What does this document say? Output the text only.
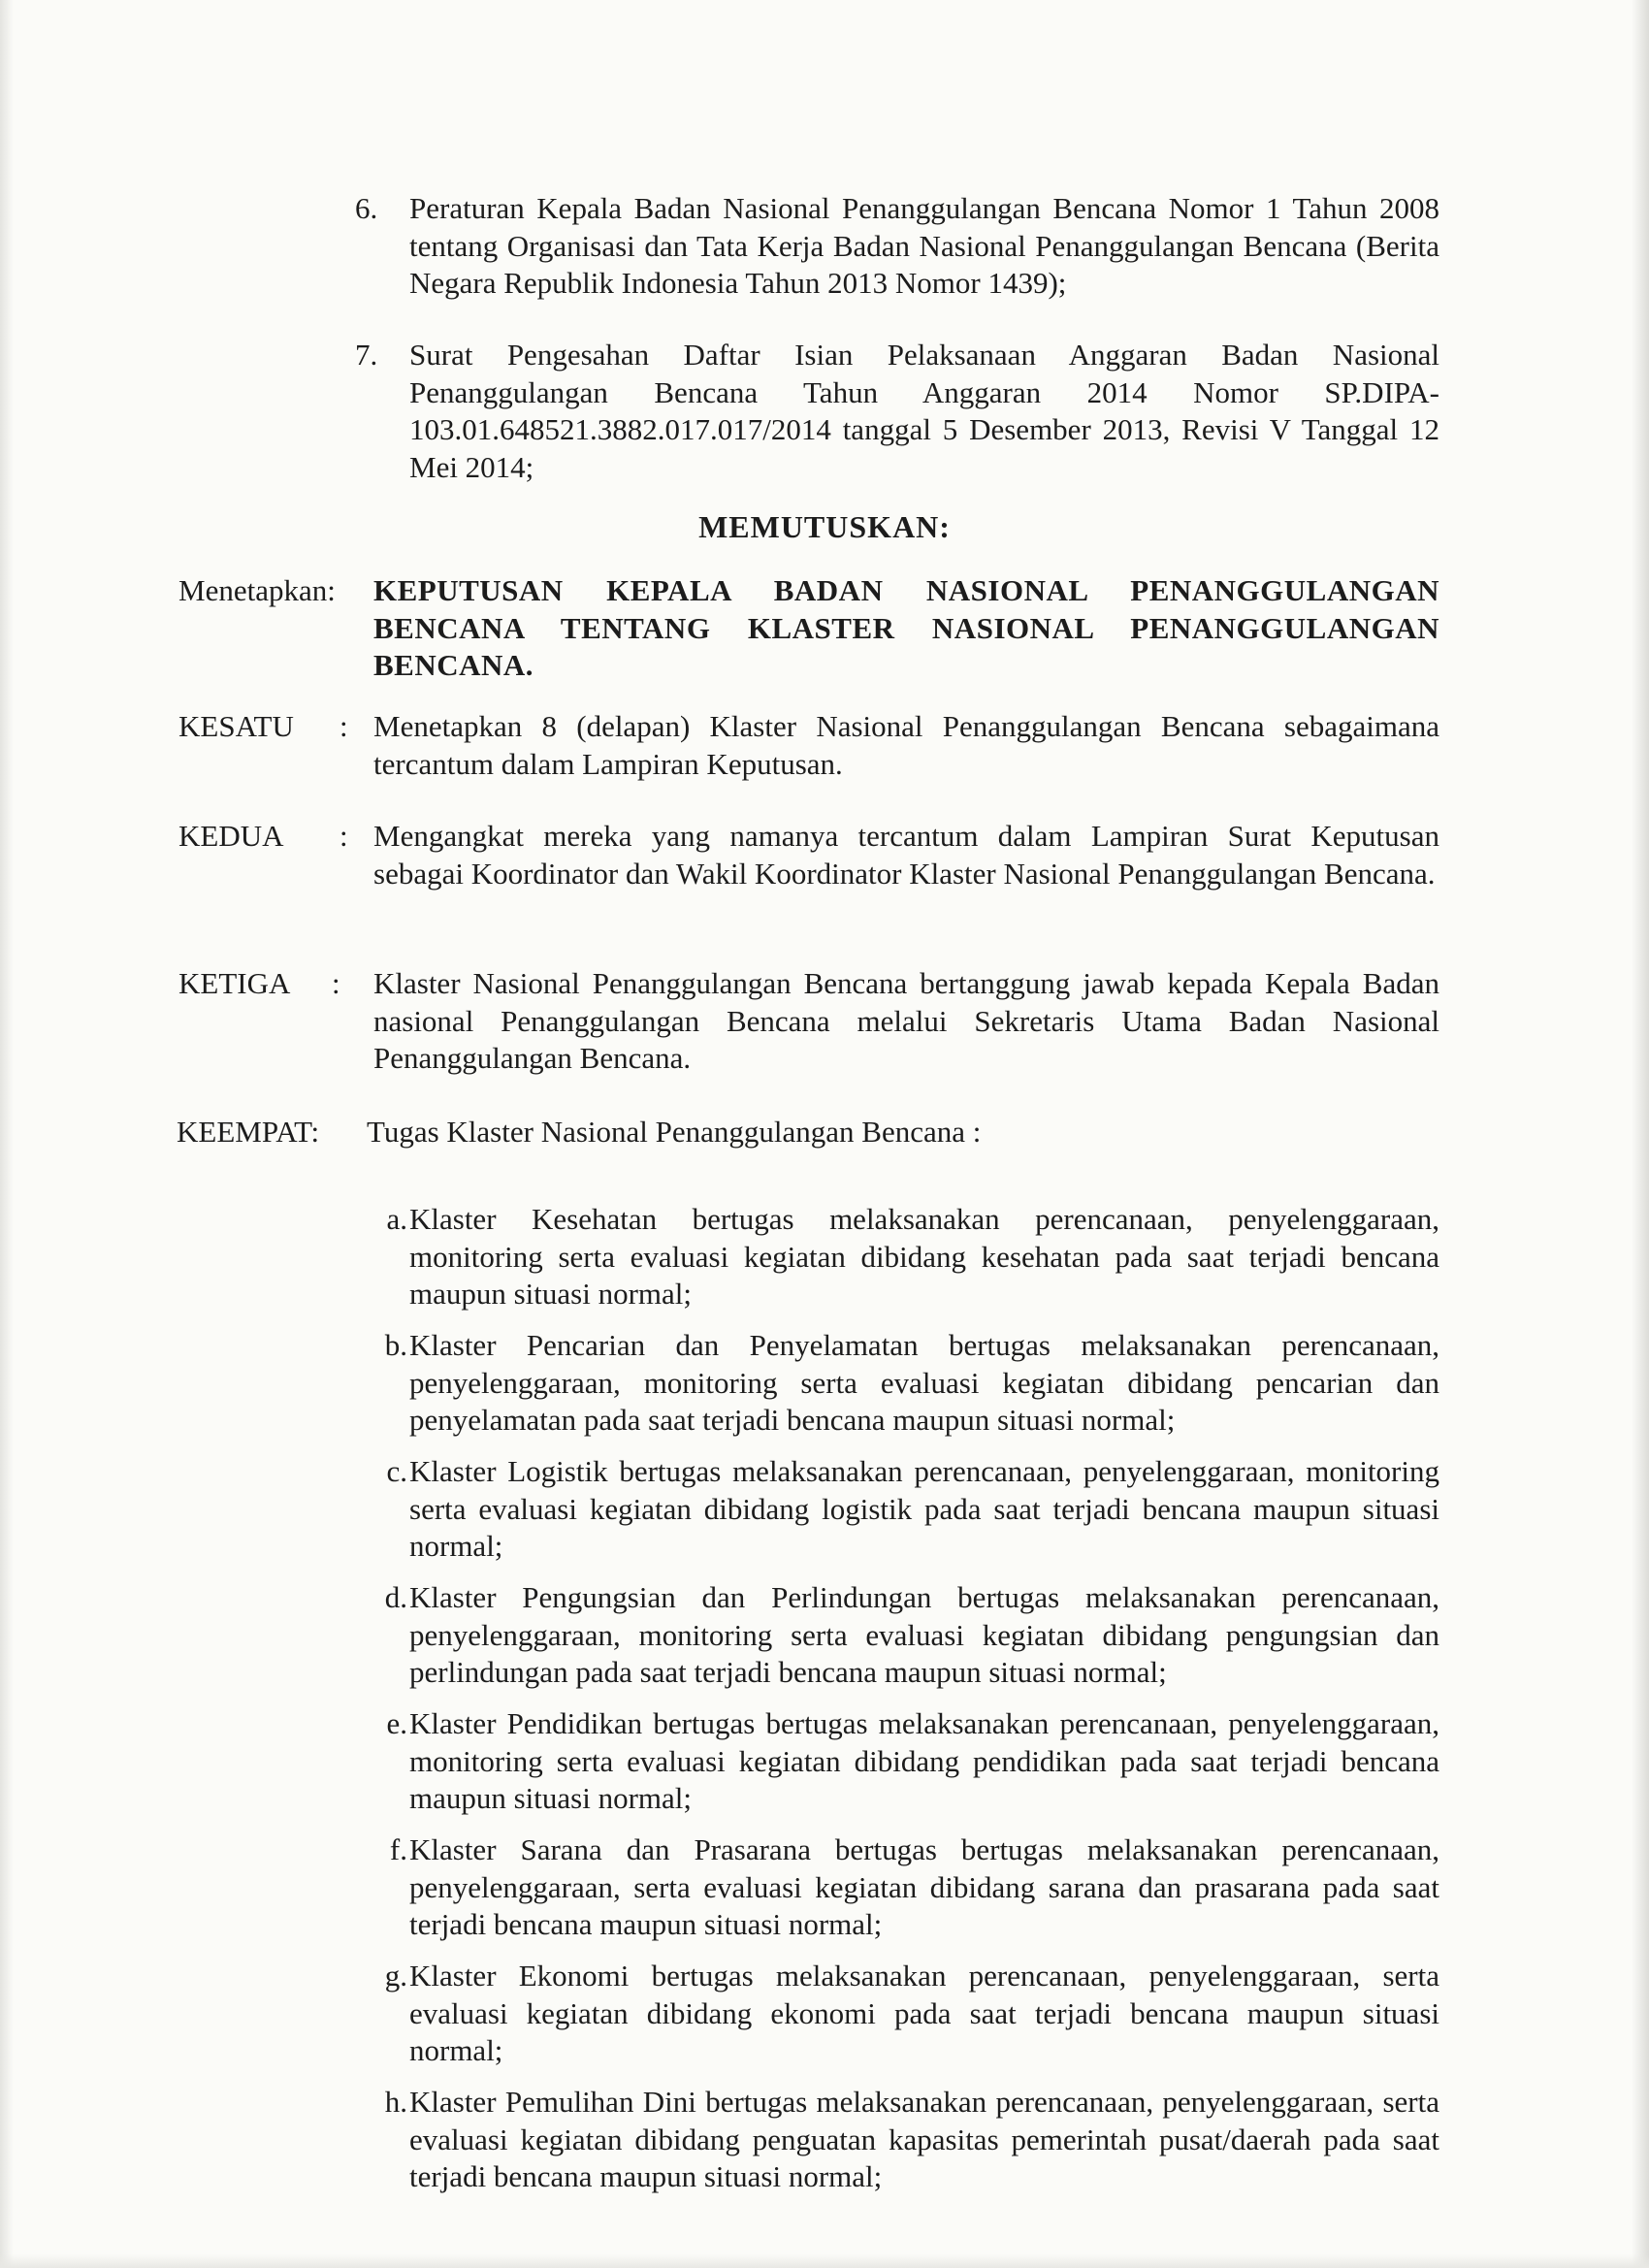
6. Peraturan Kepala Badan Nasional Penanggulangan Bencana Nomor 1 Tahun 2008 tentang Organisasi dan Tata Kerja Badan Nasional Penanggulangan Bencana (Berita Negara Republik Indonesia Tahun 2013 Nomor 1439);
7. Surat Pengesahan Daftar Isian Pelaksanaan Anggaran Badan Nasional Penanggulangan Bencana Tahun Anggaran 2014 Nomor SP.DIPA-103.01.648521.3882.017.017/2014 tanggal 5 Desember 2013, Revisi V Tanggal 12 Mei 2014;
MEMUTUSKAN:
Menetapkan: KEPUTUSAN KEPALA BADAN NASIONAL PENANGGULANGAN BENCANA TENTANG KLASTER NASIONAL PENANGGULANGAN BENCANA.
KESATU : Menetapkan 8 (delapan) Klaster Nasional Penanggulangan Bencana sebagaimana tercantum dalam Lampiran Keputusan.
KEDUA : Mengangkat mereka yang namanya tercantum dalam Lampiran Surat Keputusan sebagai Koordinator dan Wakil Koordinator Klaster Nasional Penanggulangan Bencana.
KETIGA : Klaster Nasional Penanggulangan Bencana bertanggung jawab kepada Kepala Badan nasional Penanggulangan Bencana melalui Sekretaris Utama Badan Nasional Penanggulangan Bencana.
KEEMPAT: Tugas Klaster Nasional Penanggulangan Bencana :
a. Klaster Kesehatan bertugas melaksanakan perencanaan, penyelenggaraan, monitoring serta evaluasi kegiatan dibidang kesehatan pada saat terjadi bencana maupun situasi normal;
b. Klaster Pencarian dan Penyelamatan bertugas melaksanakan perencanaan, penyelenggaraan, monitoring serta evaluasi kegiatan dibidang pencarian dan penyelamatan pada saat terjadi bencana maupun situasi normal;
c. Klaster Logistik bertugas melaksanakan perencanaan, penyelenggaraan, monitoring serta evaluasi kegiatan dibidang logistik pada saat terjadi bencana maupun situasi normal;
d. Klaster Pengungsian dan Perlindungan bertugas melaksanakan perencanaan, penyelenggaraan, monitoring serta evaluasi kegiatan dibidang pengungsian dan perlindungan pada saat terjadi bencana maupun situasi normal;
e. Klaster Pendidikan bertugas bertugas melaksanakan perencanaan, penyelenggaraan, monitoring serta evaluasi kegiatan dibidang pendidikan pada saat terjadi bencana maupun situasi normal;
f. Klaster Sarana dan Prasarana bertugas bertugas melaksanakan perencanaan, penyelenggaraan, serta evaluasi kegiatan dibidang sarana dan prasarana pada saat terjadi bencana maupun situasi normal;
g. Klaster Ekonomi bertugas melaksanakan perencanaan, penyelenggaraan, serta evaluasi kegiatan dibidang ekonomi pada saat terjadi bencana maupun situasi normal;
h. Klaster Pemulihan Dini bertugas melaksanakan perencanaan, penyelenggaraan, serta evaluasi kegiatan dibidang penguatan kapasitas pemerintah pusat/daerah pada saat terjadi bencana maupun situasi normal;
